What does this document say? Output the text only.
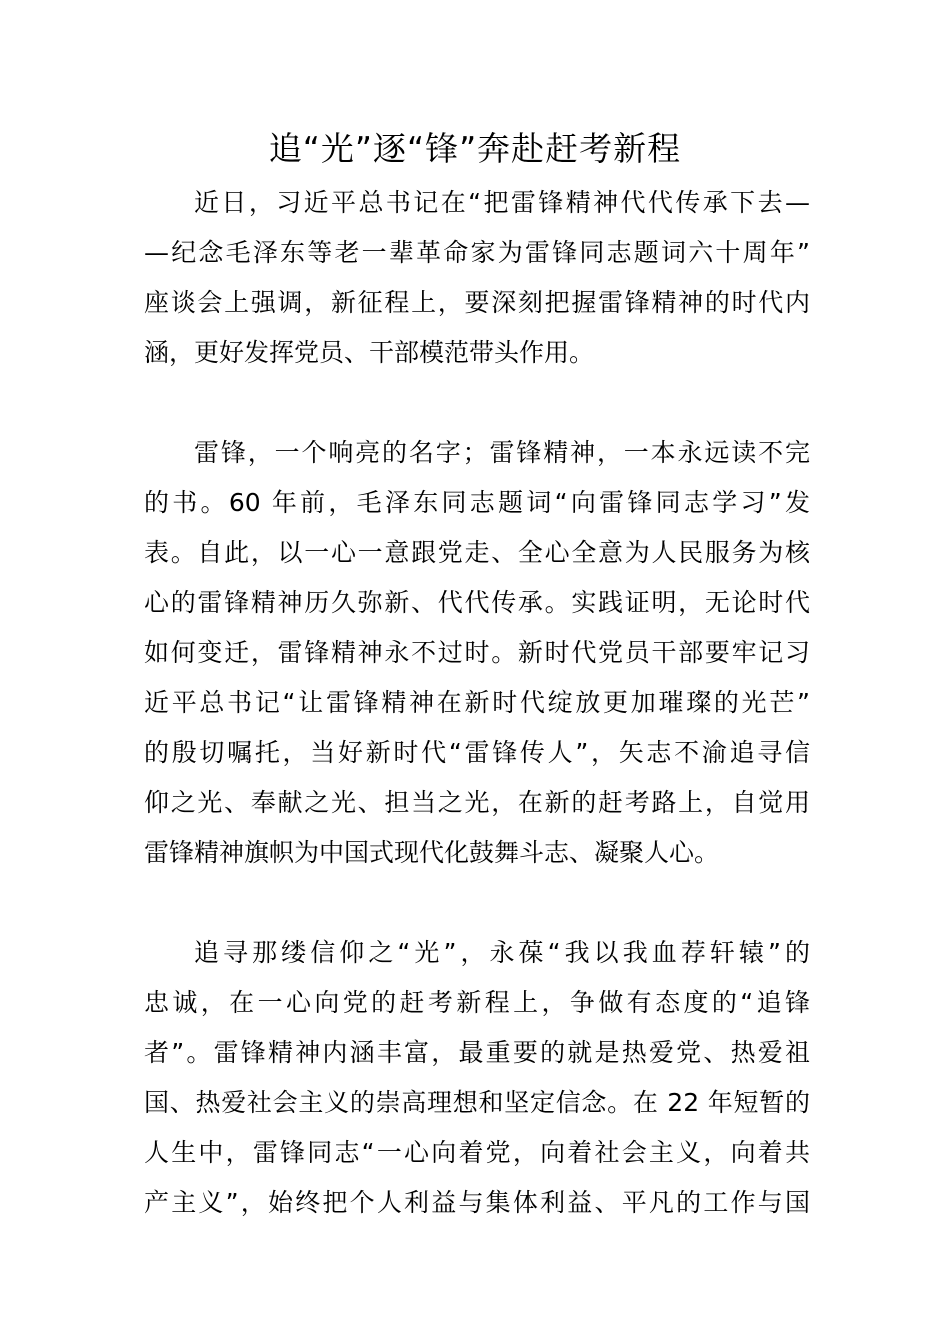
追“光”逐“锋”奔赴赶考新程
近日，习近平总书记在“把雷锋精神代代传承下去—
—纪念毛泽东等老一辈革命家为雷锋同志题词六十周年”
座谈会上强调，新征程上，要深刻把握雷锋精神的时代内
涵，更好发挥党员、干部模范带头作用。
雷锋，一个响亮的名字；雷锋精神，一本永远读不完
的书。60 年前，毛泽东同志题词“向雷锋同志学习”发
表。自此，以一心一意跟党走、全心全意为人民服务为核
心的雷锋精神历久弥新、代代传承。实践证明，无论时代
如何变迁，雷锋精神永不过时。新时代党员干部要牢记习
近平总书记“让雷锋精神在新时代绽放更加璀璨的光芒”
的殷切嘱托，当好新时代“雷锋传人”，矢志不渝追寻信
仰之光、奉献之光、担当之光，在新的赶考路上，自觉用
雷锋精神旗帜为中国式现代化鼓舞斗志、凝聚人心。
追寻那缕信仰之“光”，永葆“我以我血荐轩辕”的
忠诚，在一心向党的赶考新程上，争做有态度的“追锋
者”。雷锋精神内涵丰富，最重要的就是热爱党、热爱祖
国、热爱社会主义的崇高理想和坚定信念。在 22 年短暂的
人生中，雷锋同志“一心向着党，向着社会主义，向着共
产主义”，始终把个人利益与集体利益、平凡的工作与国
